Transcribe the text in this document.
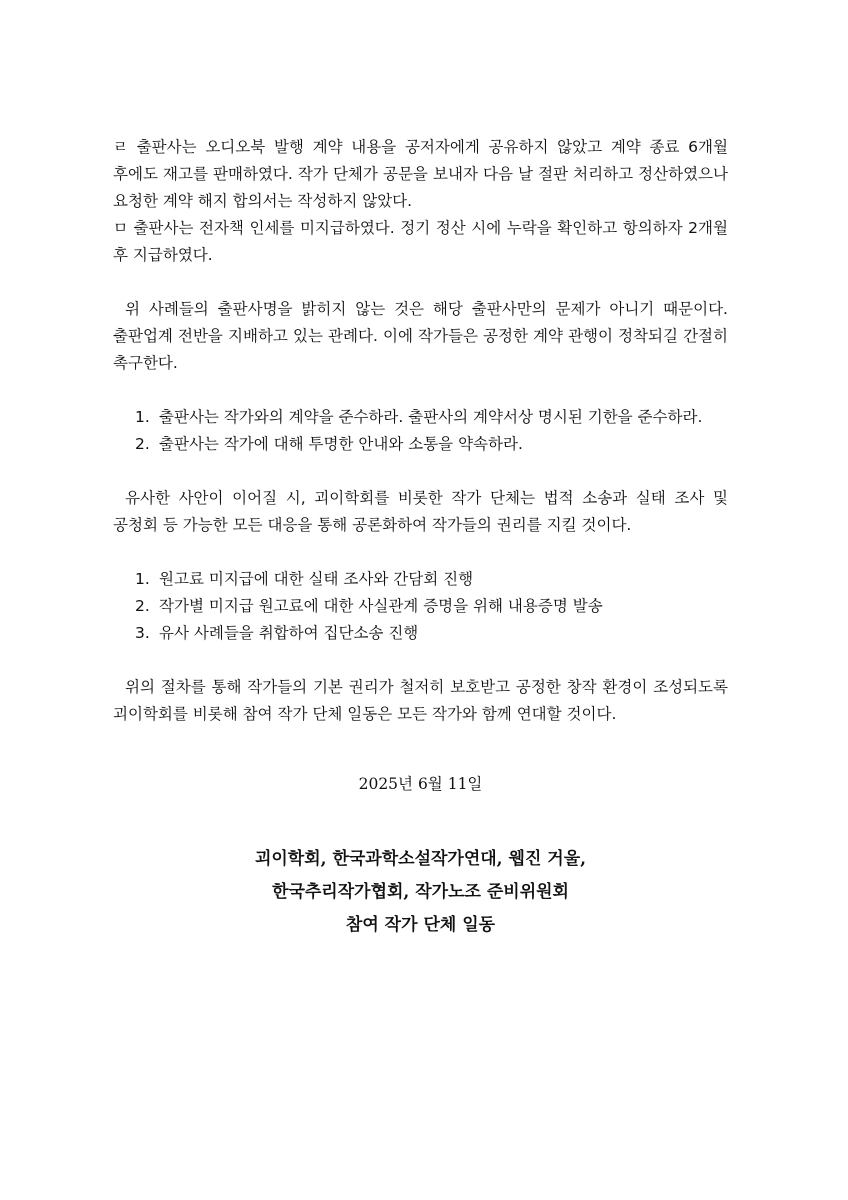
ㄹ 출판사는 오디오북 발행 계약 내용을 공저자에게 공유하지 않았고 계약 종료 6개월 후에도 재고를 판매하였다. 작가 단체가 공문을 보내자 다음 날 절판 처리하고 정산하였으나 요청한 계약 해지 합의서는 작성하지 않았다.

ㅁ 출판사는 전자책 인세를 미지급하였다. 정기 정산 시에 누락을 확인하고 항의하자 2개월 후 지급하였다.

위 사례들의 출판사명을 밝히지 않는 것은 해당 출판사만의 문제가 아니기 때문이다. 출판업계 전반을 지배하고 있는 관례다. 이에 작가들은 공정한 계약 관행이 정착되길 간절히 촉구한다.

1. 출판사는 작가와의 계약을 준수하라. 출판사의 계약서상 명시된 기한을 준수하라.
2. 출판사는 작가에 대해 투명한 안내와 소통을 약속하라.

유사한 사안이 이어질 시, 괴이학회를 비롯한 작가 단체는 법적 소송과 실태 조사 및 공청회 등 가능한 모든 대응을 통해 공론화하여 작가들의 권리를 지킬 것이다.

1. 원고료 미지급에 대한 실태 조사와 간담회 진행
2. 작가별 미지급 원고료에 대한 사실관계 증명을 위해 내용증명 발송
3. 유사 사례들을 취합하여 집단소송 진행

위의 절차를 통해 작가들의 기본 권리가 철저히 보호받고 공정한 창작 환경이 조성되도록 괴이학회를 비롯해 참여 작가 단체 일동은 모든 작가와 함께 연대할 것이다.

2025년 6월 11일
괴이학회, 한국과학소설작가연대, 웹진 거울,
한국추리작가협회, 작가노조 준비위원회
참여 작가 단체 일동
